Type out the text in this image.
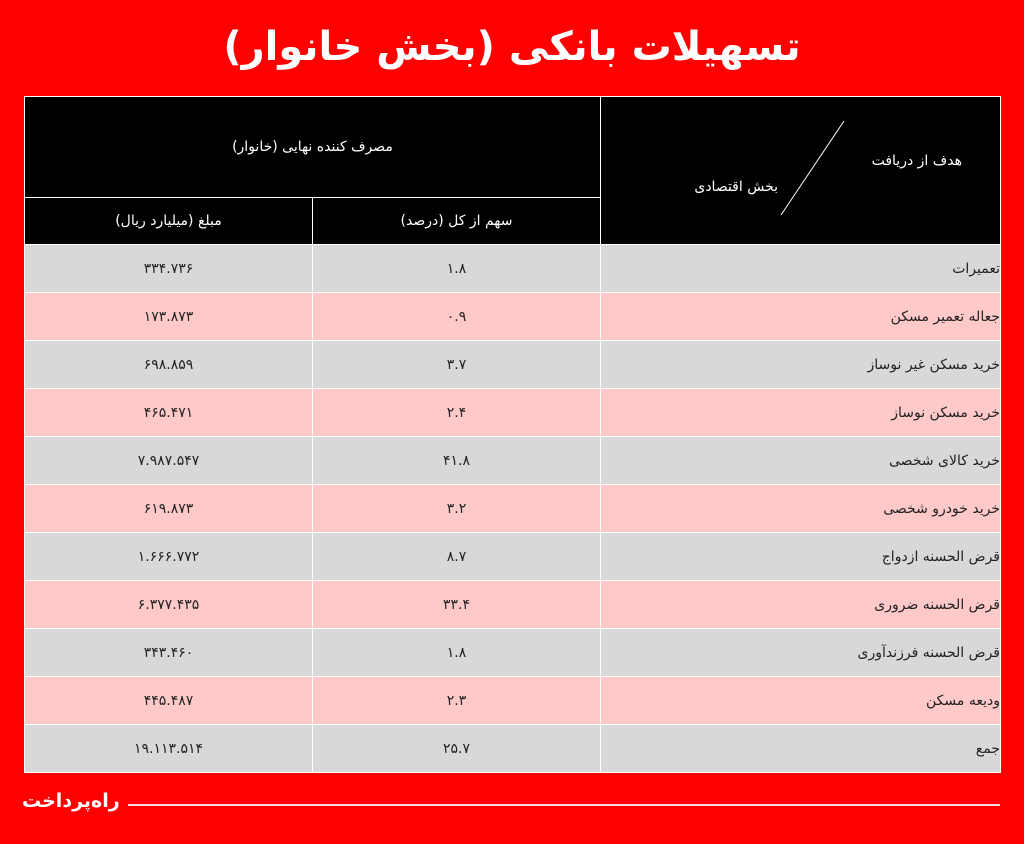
تسهیلات بانکی (بخش خانوار)
هدف از دریافت
بخش اقتصادی	مصرف کننده نهایی (خانوار)	
	سهم از کل (درصد)	مبلغ (میلیارد ریال)
تعمیرات	۱.۸	۳۳۴.۷۳۶
جعاله تعمیر مسکن	۰.۹	۱۷۳.۸۷۳
خرید مسکن غیر نوساز	۳.۷	۶۹۸.۸۵۹
خرید مسکن نوساز	۲.۴	۴۶۵.۴۷۱
خرید کالای شخصی	۴۱.۸	۷.۹۸۷.۵۴۷
خرید خودرو شخصی	۳.۲	۶۱۹.۸۷۳
قرض الحسنه ازدواج	۸.۷	۱.۶۶۶.۷۷۲
قرض الحسنه ضروری	۳۳.۴	۶.۳۷۷.۴۳۵
قرض الحسنه فرزندآوری	۱.۸	۳۴۳.۴۶۰
ودیعه مسکن	۲.۳	۴۴۵.۴۸۷
جمع	۲۵.۷	۱۹.۱۱۳.۵۱۴
راه‌پرداخت
